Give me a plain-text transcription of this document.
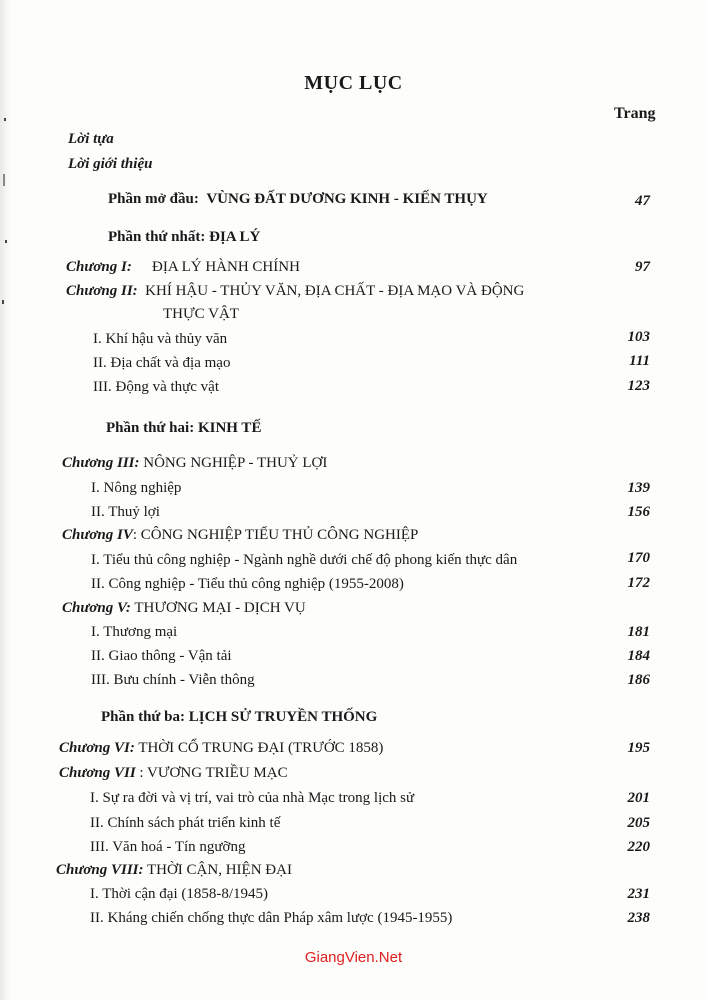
MỤC LỤC
Trang
Lời tựa
Lời giới thiệu
Phần mở đầu: VÙNG ĐẤT DƯƠNG KINH - KIẾN THỤY	47
Phần thứ nhất: ĐỊA LÝ
Chương I: ĐỊA LÝ HÀNH CHÍNH	97
Chương II: KHÍ HẬU - THỦY VĂN, ĐỊA CHẤT - ĐỊA MẠO VÀ ĐỘNG
THỰC VẬT
I. Khí hậu và thủy văn	103
II. Địa chất và địa mạo	111
III. Động và thực vật	123
Phần thứ hai: KINH TẾ
Chương III: NÔNG NGHIỆP - THUỶ LỢI
I. Nông nghiệp	139
II. Thuỷ lợi	156
Chương IV: CÔNG NGHIỆP TIỂU THỦ CÔNG NGHIỆP
I. Tiểu thủ công nghiệp - Ngành nghề dưới chế độ phong kiến thực dân	170
II. Công nghiệp - Tiểu thủ công nghiệp (1955-2008)	172
Chương V: THƯƠNG MẠI - DỊCH VỤ
I. Thương mại	181
II. Giao thông - Vận tải	184
III. Bưu chính - Viễn thông	186
Phần thứ ba: LỊCH SỬ TRUYỀN THỐNG
Chương VI: THỜI CỔ TRUNG ĐẠI (TRƯỚC 1858)	195
Chương VII : VƯƠNG TRIỀU MẠC
I. Sự ra đời và vị trí, vai trò của nhà Mạc trong lịch sử	201
II. Chính sách phát triển kinh tế	205
III. Văn hoá - Tín ngưỡng	220
Chương VIII: THỜI CẬN, HIỆN ĐẠI
I. Thời cận đại (1858-8/1945)	231
II. Kháng chiến chống thực dân Pháp xâm lược (1945-1955)	238
GiangVien.Net
